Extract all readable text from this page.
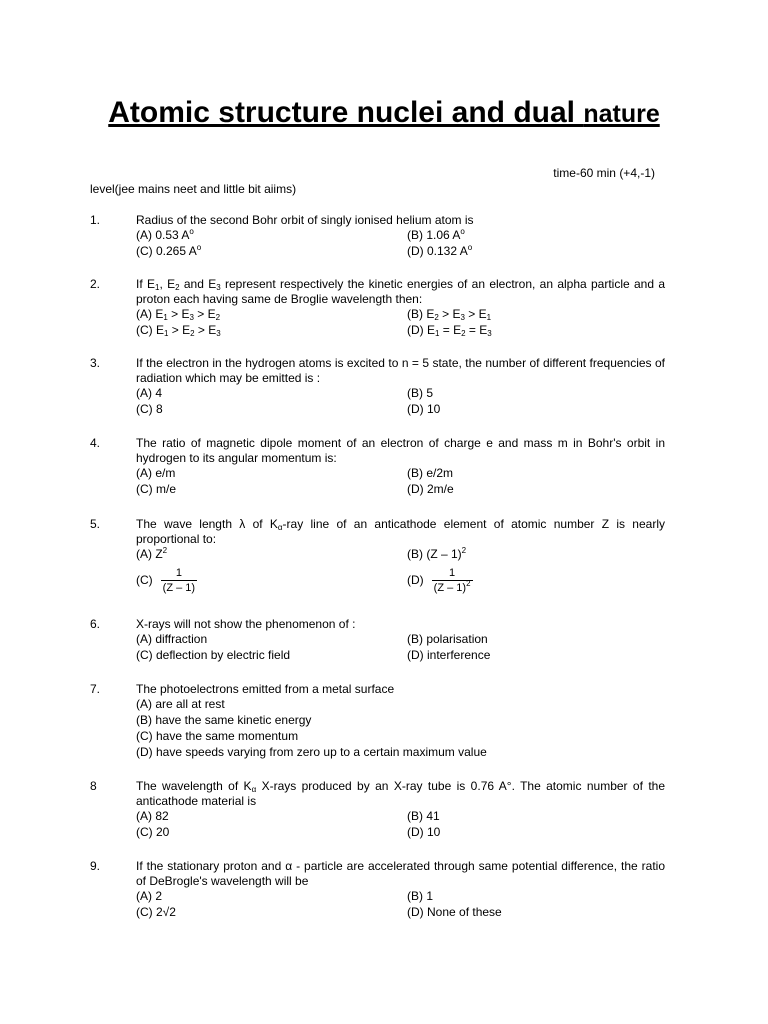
Atomic structure nuclei and dual nature
time-60 min (+4,-1)
level(jee mains neet and little bit aiims)
1.	Radius of the second Bohr orbit of singly ionised helium atom is
(A) 0.53 $A^o$	(B) 1.06 $A^o$
(C) 0.265 $A^o$	(D) 0.132 $A^o$
2.	If $E_1$, $E_2$ and $E_3$ represent respectively the kinetic energies of an electron, an alpha particle and a proton each having same de Broglie wavelength then:
(A) $E_1 > E_3 > E_2$	(B) $E_2 > E_3 > E_1$
(C) $E_1 > E_2 > E_3$	(D) $E_1 = E_2 = E_3$
3.	If the electron in the hydrogen atoms is excited to n = 5 state, the number of different frequencies of radiation which may be emitted is :
(A) 4	(B) 5
(C) 8	(D) 10
4.	The ratio of magnetic dipole moment of an electron of charge e and mass m in Bohr's orbit in hydrogen to its angular momentum is:
(A) e/m	(B) e/2m
(C) m/e	(D) 2m/e
5.	The wave length λ of $K_\alpha$-ray line of an anticathode element of atomic number Z is nearly proportional to:
(A) $Z^2$	(B) (Z – 1)$^2$
$(C) \frac{1}{(Z - 1)}$	$(D) \frac{1}{(Z - 1)^2}$
6.	X-rays will not show the phenomenon of :
(A) diffraction	(B) polarisation
(C) deflection by electric field	(D) interference
7.	The photoelectrons emitted from a metal surface
(A) are all at rest
(B) have the same kinetic energy
(C) have the same momentum
(D) have speeds varying from zero up to a certain maximum value
8	The wavelength of $K_\alpha$ X-rays produced by an X-ray tube is 0.76 A°. The atomic number of the anticathode material is
(A) 82	(B) 41
(C) 20	(D) 10
9.	If the stationary proton and α - particle are accelerated through same potential difference, the ratio of DeBrogle's wavelength will be
(A) 2	(B) 1
(C) 2√2	(D) None of these
